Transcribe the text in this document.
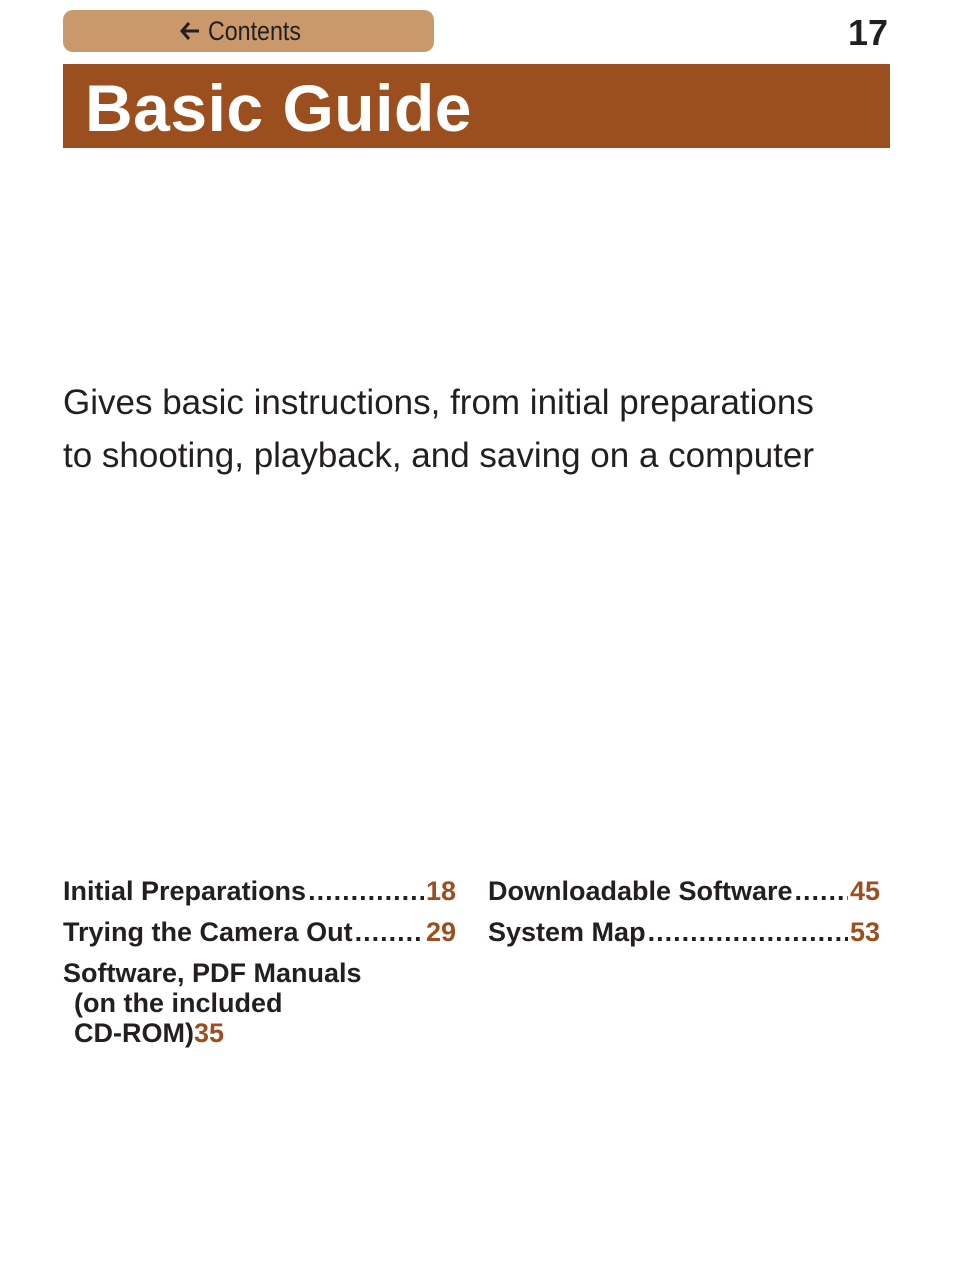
Contents	17
Basic Guide
Gives basic instructions, from initial preparations
to shooting, playback, and saving on a computer
Initial Preparations .....	18
Trying the Camera Out .....	29
Software, PDF Manuals
(on the included
CD-ROM) 35
Downloadable Software ..... 45
System Map .....	53
